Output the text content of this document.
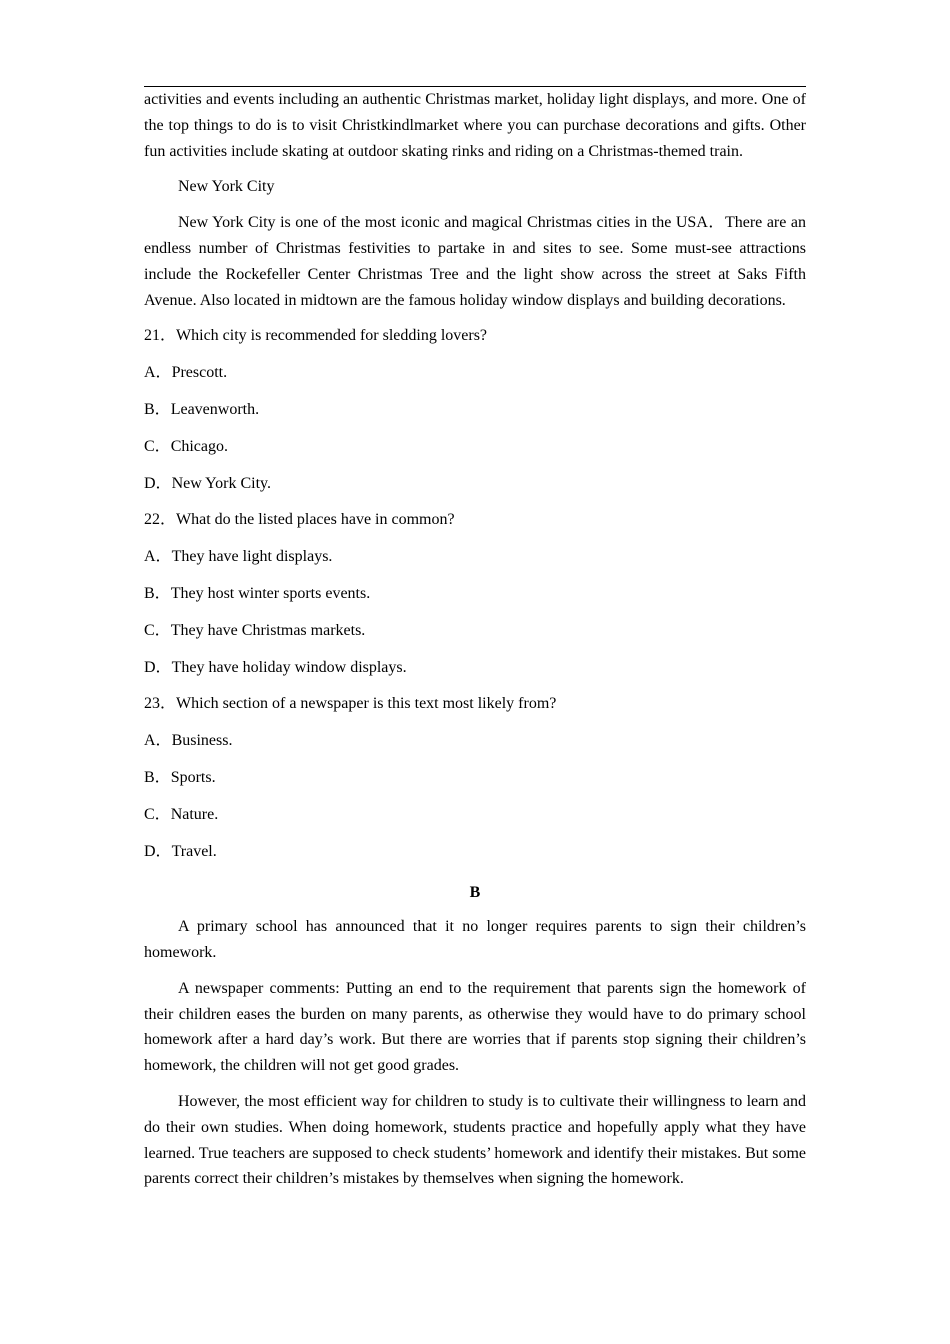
activities and events including an authentic Christmas market, holiday light displays, and more. One of the top things to do is to visit Christkindlmarket where you can purchase decorations and gifts. Other fun activities include skating at outdoor skating rinks and riding on a Christmas-themed train.

New York City

New York City is one of the most iconic and magical Christmas cities in the USA．There are an endless number of Christmas festivities to partake in and sites to see. Some must-see attractions include the Rockefeller Center Christmas Tree and the light show across the street at Saks Fifth Avenue. Also located in midtown are the famous holiday window displays and building decorations.

21．Which city is recommended for sledding lovers?

A．Prescott.

B．Leavenworth.

C．Chicago.

D．New York City.

22．What do the listed places have in common?

A．They have light displays.

B．They host winter sports events.

C．They have Christmas markets.

D．They have holiday window displays.

23．Which section of a newspaper is this text most likely from?

A．Business.

B．Sports.

C．Nature.

D．Travel.

B

A primary school has announced that it no longer requires parents to sign their children’s homework.

A newspaper comments: Putting an end to the requirement that parents sign the homework of their children eases the burden on many parents, as otherwise they would have to do primary school homework after a hard day’s work. But there are worries that if parents stop signing their children’s homework, the children will not get good grades.

However, the most efficient way for children to study is to cultivate their willingness to learn and do their own studies. When doing homework, students practice and hopefully apply what they have learned. True teachers are supposed to check students’ homework and identify their mistakes. But some parents correct their children’s mistakes by themselves when signing the homework.
